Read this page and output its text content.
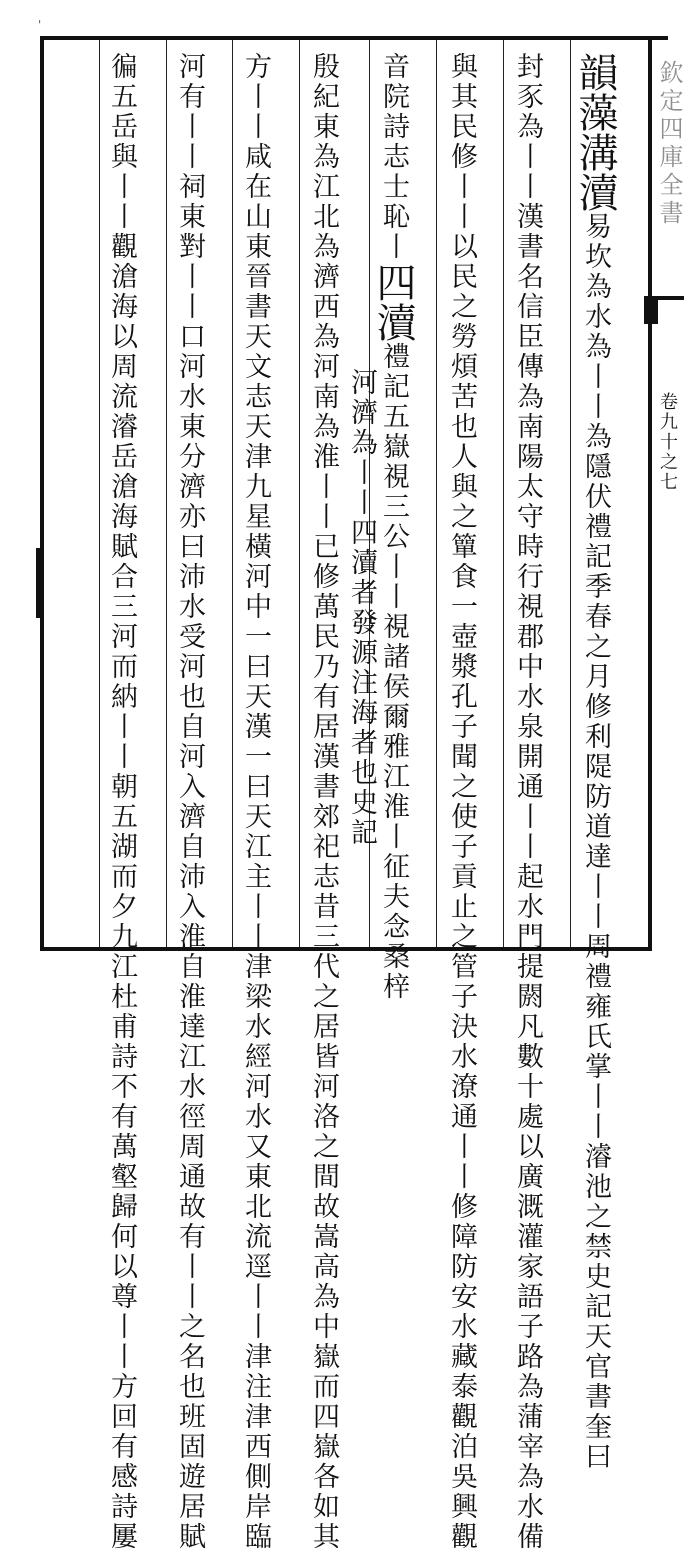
'
欽定四庫全書
卷九十之七
韻藻溝瀆易坎為水為丨丨為隱伏禮記季春之月修利隄防道達丨丨周禮雍氏掌丨丨濬池之禁史記天官書奎曰
封豕為丨丨漢書名信臣傳為南陽太守時行視郡中水泉開通丨丨起水門提閼凡數十處以廣溉灌家語子路為蒲宰為水備
與其民修丨丨以民之勞煩苦也人與之簞食一壺漿孔子聞之使子貢止之管子決水潦通丨丨修障防安水藏泰觀泊吳興觀
音院詩志士恥丨四瀆禮記五嶽視三公丨丨視諸侯爾雅江淮丨征夫念桑梓
河濟為丨丨四瀆者發源注海者也史記
殷紀東為江北為濟西為河南為淮丨丨已修萬民乃有居漢書郊祀志昔三代之居皆河洛之間故嵩高為中嶽而四嶽各如其
方丨丨咸在山東晉書天文志天津九星橫河中一曰天漢一曰天江主丨丨津梁水經河水又東北流逕丨丨津注津西側岸臨
河有丨丨祠東對丨丨口河水東分濟亦曰沛水受河也自河入濟自沛入淮自淮達江水徑周通故有丨丨之名也班固遊居賦
徧五岳與丨丨觀滄海以周流濬岳滄海賦合三河而納丨丨朝五湖而夕九江杜甫詩不有萬壑歸何以尊丨丨方回有感詩屢
